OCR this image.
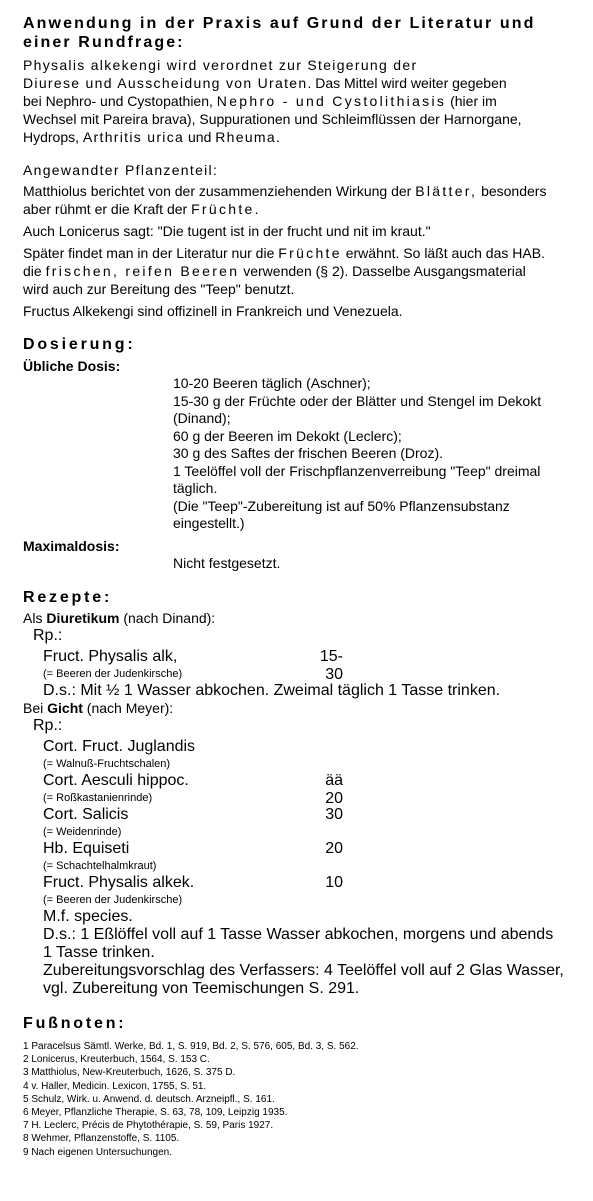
Anwendung in der Praxis auf Grund der Literatur und einer Rundfrage:

Physalis alkekengi wird verordnet zur Steigerung der
Diurese und Ausscheidung von Uraten. Das Mittel wird weiter gegeben
bei Nephro- und Cystopathien, Nephro - und Cystolithiasis (hier im
Wechsel mit Pareira brava), Suppurationen und Schleimflüssen der Harnorgane,
Hydrops, Arthritis urica und Rheuma.

Angewandter Pflanzenteil:

Matthiolus berichtet von der zusammenziehenden Wirkung der Blätter, besonders
aber rühmt er die Kraft der Früchte.

Auch Lonicerus sagt: "Die tugent ist in der frucht und nit im kraut."

Später findet man in der Literatur nur die Früchte erwähnt. So läßt auch das HAB.
die frischen, reifen Beeren verwenden (§ 2). Dasselbe Ausgangsmaterial
wird auch zur Bereitung des "Teep" benutzt.

Fructus Alkekengi sind offizinell in Frankreich und Venezuela.

Dosierung:

Übliche Dosis:

10-20 Beeren täglich (Aschner);
15-30 g der Früchte oder der Blätter und Stengel im Dekokt
(Dinand);
60 g der Beeren im Dekokt (Leclerc);
30 g des Saftes der frischen Beeren (Droz).
1 Teelöffel voll der Frischpflanzenverreibung "Teep" dreimal
täglich.
(Die "Teep"-Zubereitung ist auf 50% Pflanzensubstanz
eingestellt.)

Maximaldosis:

Nicht festgesetzt.
Rezepte:

Als Diuretikum (nach Dinand):

Rp.:
Fruct. Physalis alk,	15-30
(= Beeren der Judenkirsche)
D.s.: Mit ½ 1 Wasser abkochen. Zweimal täglich 1 Tasse trinken.

Bei Gicht (nach Meyer):

Rp.:
Cort. Fruct. Juglandis
(= Walnuß-Fruchtschalen)
Cort. Aesculi hippoc.	ää 20
(= Roßkastanienrinde)
Cort. Salicis	30
(= Weidenrinde)
Hb. Equiseti	20
(= Schachtelhalmkraut)
Fruct. Physalis alkek.	10
(= Beeren der Judenkirsche)
M.f. species.
D.s.: 1 Eßlöffel voll auf 1 Tasse Wasser abkochen, morgens und abends
1 Tasse trinken.
Zubereitungsvorschlag des Verfassers: 4 Teelöffel voll auf 2 Glas Wasser,
vgl. Zubereitung von Teemischungen S. 291.
Fußnoten:

1 Paracelsus Sämtl. Werke, Bd. 1, S. 919, Bd. 2, S. 576, 605, Bd. 3, S. 562.

2 Lonicerus, Kreuterbuch, 1564, S. 153 C.

3 Matthiolus, New-Kreuterbuch, 1626, S. 375 D.

4 v. Haller, Medicin. Lexicon, 1755, S. 51.

5 Schulz, Wirk. u. Anwend. d. deutsch. Arzneipfl., S. 161.

6 Meyer, Pflanzliche Therapie, S. 63, 78, 109, Leipzig 1935.

7 H. Leclerc, Précis de Phytothérapie, S. 59, Paris 1927.

8 Wehmer, Pflanzenstoffe, S. 1105.

9 Nach eigenen Untersuchungen.
